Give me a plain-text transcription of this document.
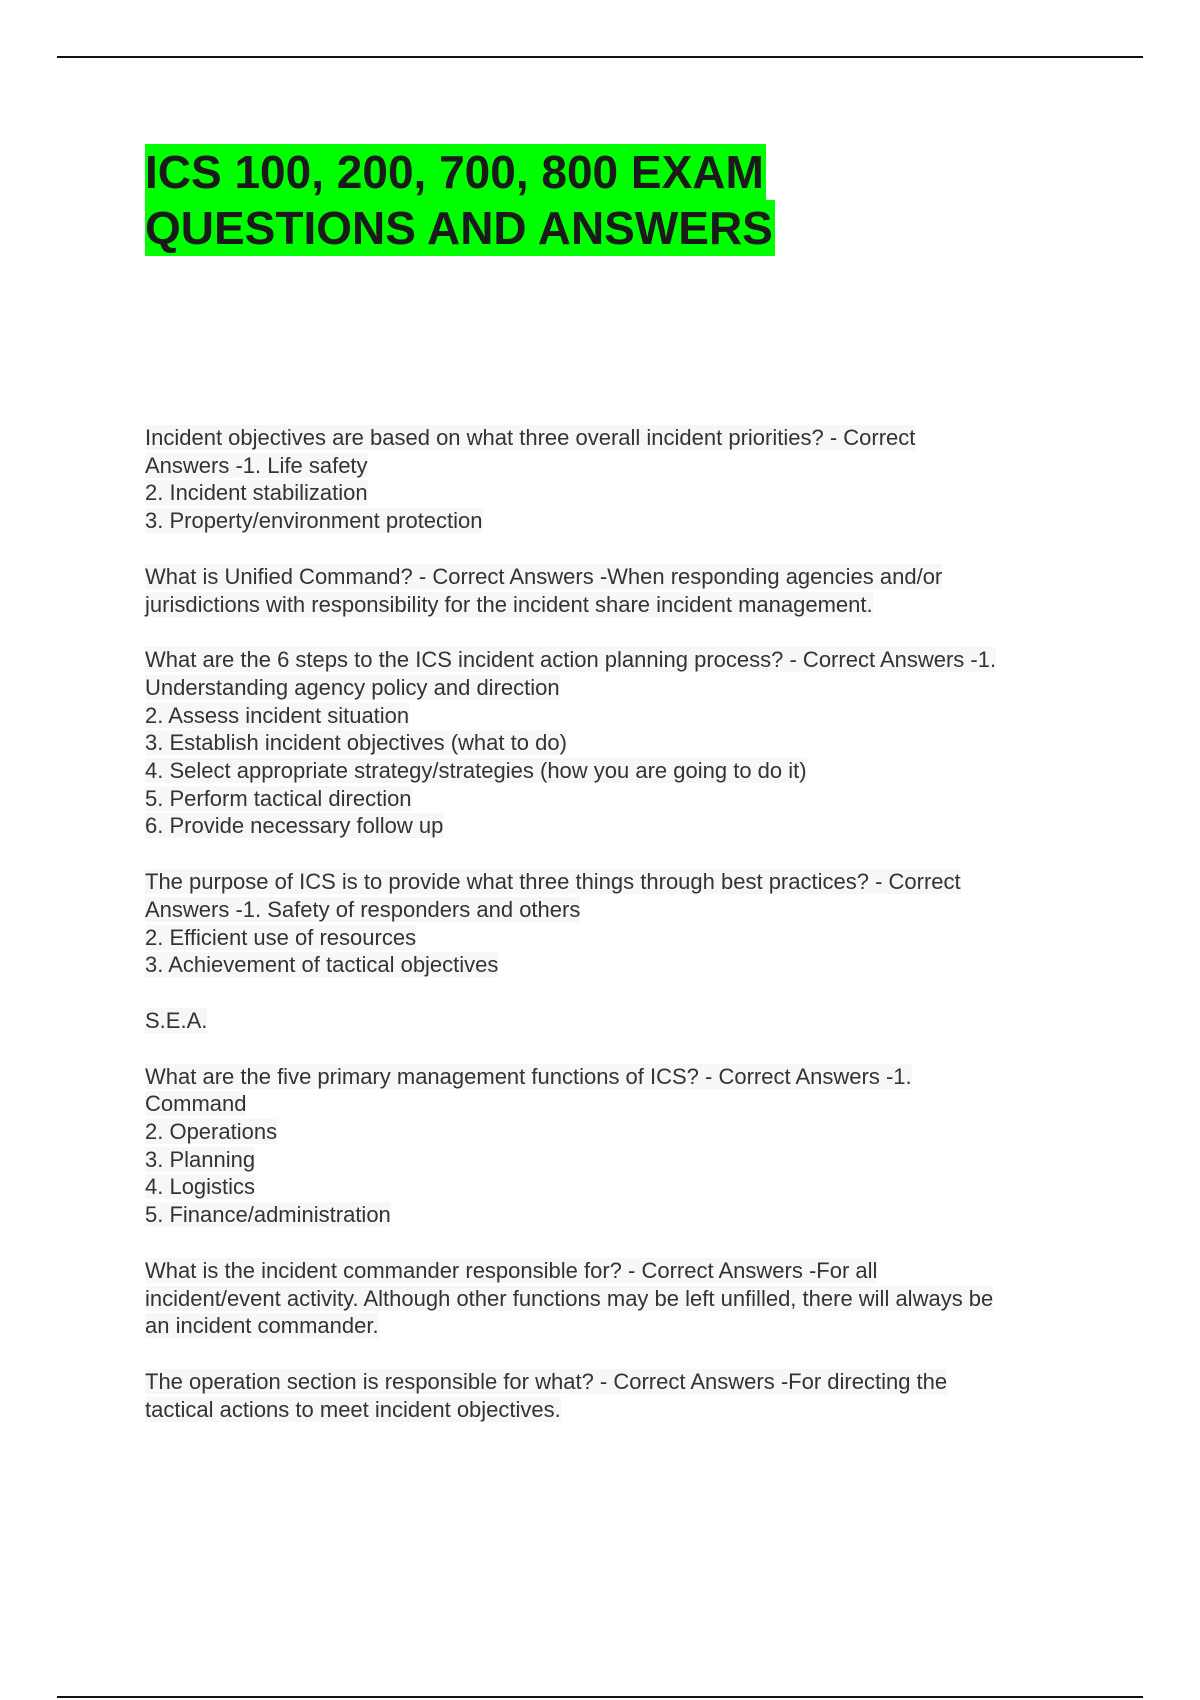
ICS 100, 200, 700, 800 EXAM
QUESTIONS AND ANSWERS
Incident objectives are based on what three overall incident priorities? - Correct
Answers -1. Life safety
2. Incident stabilization
3. Property/environment protection
What is Unified Command? - Correct Answers -When responding agencies and/or
jurisdictions with responsibility for the incident share incident management.
What are the 6 steps to the ICS incident action planning process? - Correct Answers -1.
Understanding agency policy and direction
2. Assess incident situation
3. Establish incident objectives (what to do)
4. Select appropriate strategy/strategies (how you are going to do it)
5. Perform tactical direction
6. Provide necessary follow up
The purpose of ICS is to provide what three things through best practices? - Correct
Answers -1. Safety of responders and others
2. Efficient use of resources
3. Achievement of tactical objectives
S.E.A.
What are the five primary management functions of ICS? - Correct Answers -1.
Command
2. Operations
3. Planning
4. Logistics
5. Finance/administration
What is the incident commander responsible for? - Correct Answers -For all
incident/event activity. Although other functions may be left unfilled, there will always be
an incident commander.
The operation section is responsible for what? - Correct Answers -For directing the
tactical actions to meet incident objectives.
